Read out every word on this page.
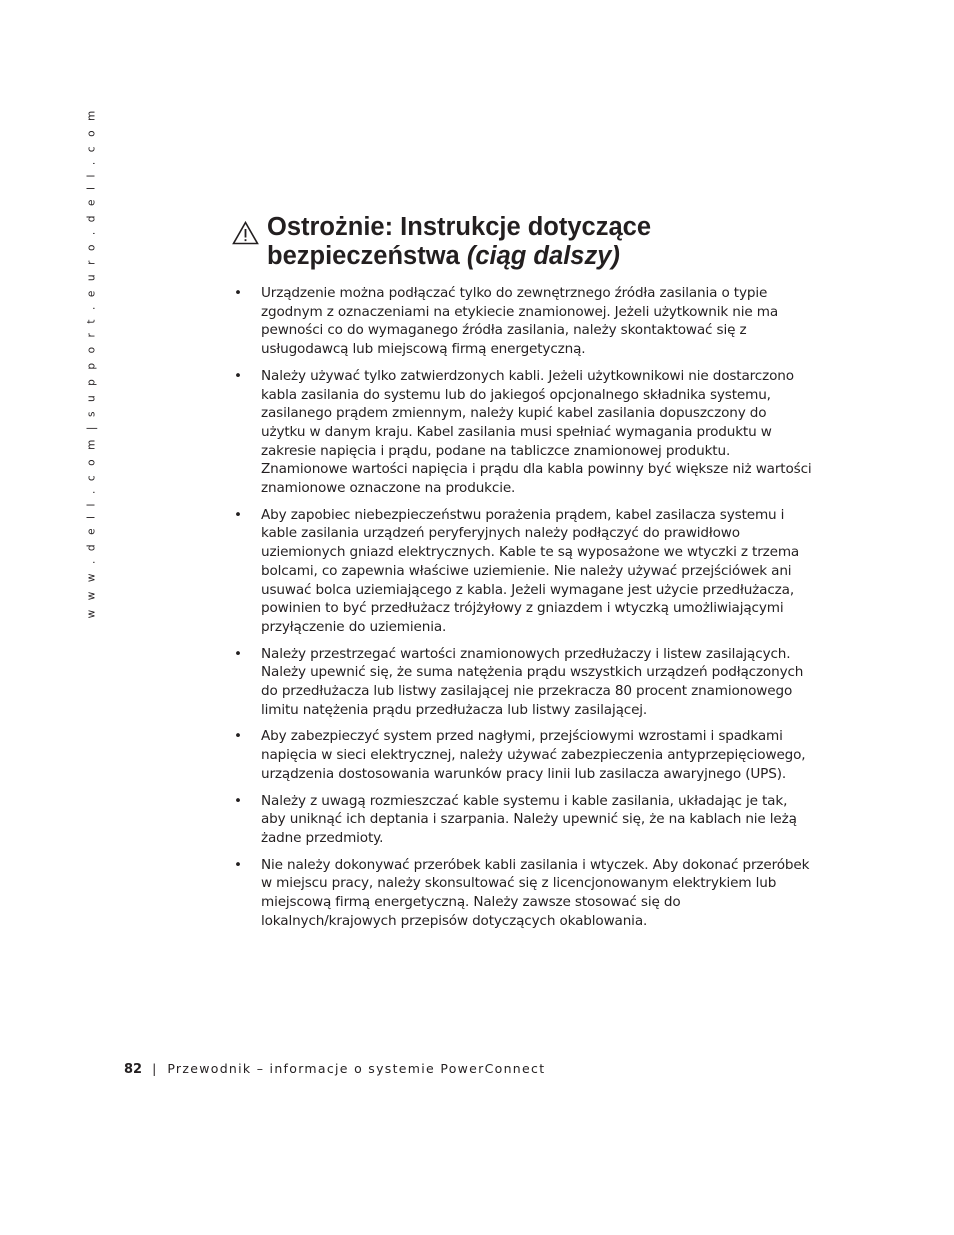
w w w . d e l l . c o m | s u p p o r t . e u r o . d e l l . c o m	Ostrożnie: Instrukcje dotyczące
bezpieczeństwa (ciąg dalszy)
• Urządzenie można podłączać tylko do zewnętrznego źródła zasilania o typie zgodnym z oznaczeniami na etykiecie znamionowej. Jeżeli użytkownik nie ma pewności co do wymaganego źródła zasilania, należy skontaktować się z usługodawcą lub miejscową firmą energetyczną.
• Należy używać tylko zatwierdzonych kabli. Jeżeli użytkownikowi nie dostarczono kabla zasilania do systemu lub do jakiegoś opcjonalnego składnika systemu, zasilanego prądem zmiennym, należy kupić kabel zasilania dopuszczony do użytku w danym kraju. Kabel zasilania musi spełniać wymagania produktu w zakresie napięcia i prądu, podane na tabliczce znamionowej produktu. Znamionowe wartości napięcia i prądu dla kabla powinny być większe niż wartości znamionowe oznaczone na produkcie.
• Aby zapobiec niebezpieczeństwu porażenia prądem, kabel zasilacza systemu i kable zasilania urządzeń peryferyjnych należy podłączyć do prawidłowo uziemionych gniazd elektrycznych. Kable te są wyposażone we wtyczki z trzema bolcami, co zapewnia właściwe uziemienie. Nie należy używać przejściówek ani usuwać bolca uziemiającego z kabla. Jeżeli wymagane jest użycie przedłużacza, powinien to być przedłużacz trójżyłowy z gniazdem i wtyczką umożliwiającymi przyłączenie do uziemienia.
• Należy przestrzegać wartości znamionowych przedłużaczy i listew zasilających. Należy upewnić się, że suma natężenia prądu wszystkich urządzeń podłączonych do przedłużacza lub listwy zasilającej nie przekracza 80 procent znamionowego limitu natężenia prądu przedłużacza lub listwy zasilającej.
• Aby zabezpieczyć system przed nagłymi, przejściowymi wzrostami i spadkami napięcia w sieci elektrycznej, należy używać zabezpieczenia antyprzepięciowego, urządzenia dostosowania warunków pracy linii lub zasilacza awaryjnego (UPS).
• Należy z uwagą rozmieszczać kable systemu i kable zasilania, układając je tak, aby uniknąć ich deptania i szarpania. Należy upewnić się, że na kablach nie leżą żadne przedmioty.
• Nie należy dokonywać przeróbek kabli zasilania i wtyczek. Aby dokonać przeróbek w miejscu pracy, należy skonsultować się z licencjonowanym elektrykiem lub miejscową firmą energetyczną. Należy zawsze stosować się do lokalnych/krajowych przepisów dotyczących okablowania.
82 | Przewodnik – informacje o systemie PowerConnect
